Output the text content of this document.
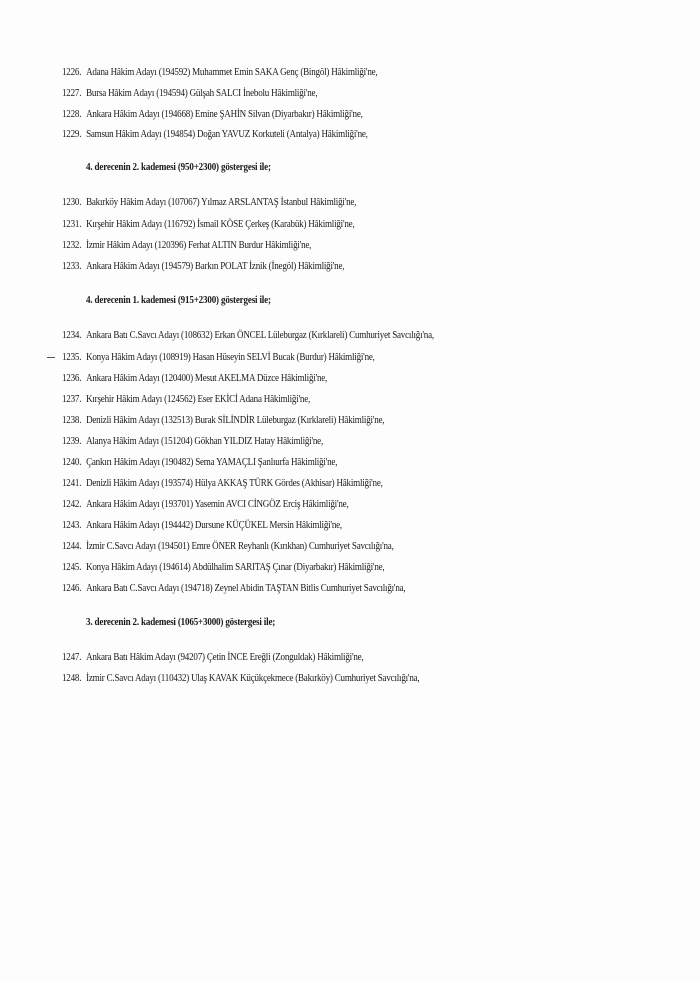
1226. Adana Hâkim Adayı (194592) Muhammet Emin SAKA Genç (Bingöl) Hâkimliği'ne,
1227. Bursa Hâkim Adayı (194594) Gülşah SALCI İnebolu Hâkimliği'ne,
1228. Ankara Hâkim Adayı (194668) Emine ŞAHİN Silvan (Diyarbakır) Hâkimliği'ne,
1229. Samsun Hâkim Adayı (194854) Doğan YAVUZ Korkuteli (Antalya) Hâkimliği'ne,
4. derecenin 2. kademesi (950+2300) göstergesi ile;
1230. Bakırköy Hâkim Adayı (107067) Yılmaz ARSLANTAŞ İstanbul Hâkimliği'ne,
1231. Kırşehir Hâkim Adayı (116792) İsmail KÖSE Çerkeş (Karabük) Hâkimliği'ne,
1232. İzmir Hâkim Adayı (120396) Ferhat ALTIN Burdur Hâkimliği'ne,
1233. Ankara Hâkim Adayı (194579) Barkın POLAT İznik (İnegöl) Hâkimliği'ne,
4. derecenin 1. kademesi (915+2300) göstergesi ile;
1234. Ankara Batı C.Savcı Adayı (108632) Erkan ÖNCEL Lüleburgaz (Kırklareli) Cumhuriyet Savcılığı'na,
1235. Konya Hâkim Adayı (108919) Hasan Hüseyin SELVİ Bucak (Burdur) Hâkimliği'ne,
1236. Ankara Hâkim Adayı (120400) Mesut AKELMA Düzce Hâkimliği'ne,
1237. Kırşehir Hâkim Adayı (124562) Eser EKİCİ Adana Hâkimliği'ne,
1238. Denizli Hâkim Adayı (132513) Burak SİLİNDİR Lüleburgaz (Kırklareli) Hâkimliği'ne,
1239. Alanya Hâkim Adayı (151204) Gökhan YILDIZ Hatay Hâkimliği'ne,
1240. Çankırı Hâkim Adayı (190482) Sema YAMAÇLI Şanlıurfa Hâkimliği'ne,
1241. Denizli Hâkim Adayı (193574) Hülya AKKAŞ TÜRK Gördes (Akhisar) Hâkimliği'ne,
1242. Ankara Hâkim Adayı (193701) Yasemin AVCI CİNGÖZ Erciş Hâkimliği'ne,
1243. Ankara Hâkim Adayı (194442) Dursune KÜÇÜKEL Mersin Hâkimliği'ne,
1244. İzmir C.Savcı Adayı (194501) Emre ÖNER Reyhanlı (Kırıkhan) Cumhuriyet Savcılığı'na,
1245. Konya Hâkim Adayı (194614) Abdülhalim SARITAŞ Çınar (Diyarbakır) Hâkimliği'ne,
1246. Ankara Batı C.Savcı Adayı (194718) Zeynel Abidin TAŞTAN Bitlis Cumhuriyet Savcılığı'na,
3. derecenin 2. kademesi (1065+3000) göstergesi ile;
1247. Ankara Batı Hâkim Adayı (94207) Çetin İNCE Ereğli (Zonguldak) Hâkimliği'ne,
1248. İzmir C.Savcı Adayı (110432) Ulaş KAVAK Küçükçekmece (Bakırköy) Cumhuriyet Savcılığı'na,
